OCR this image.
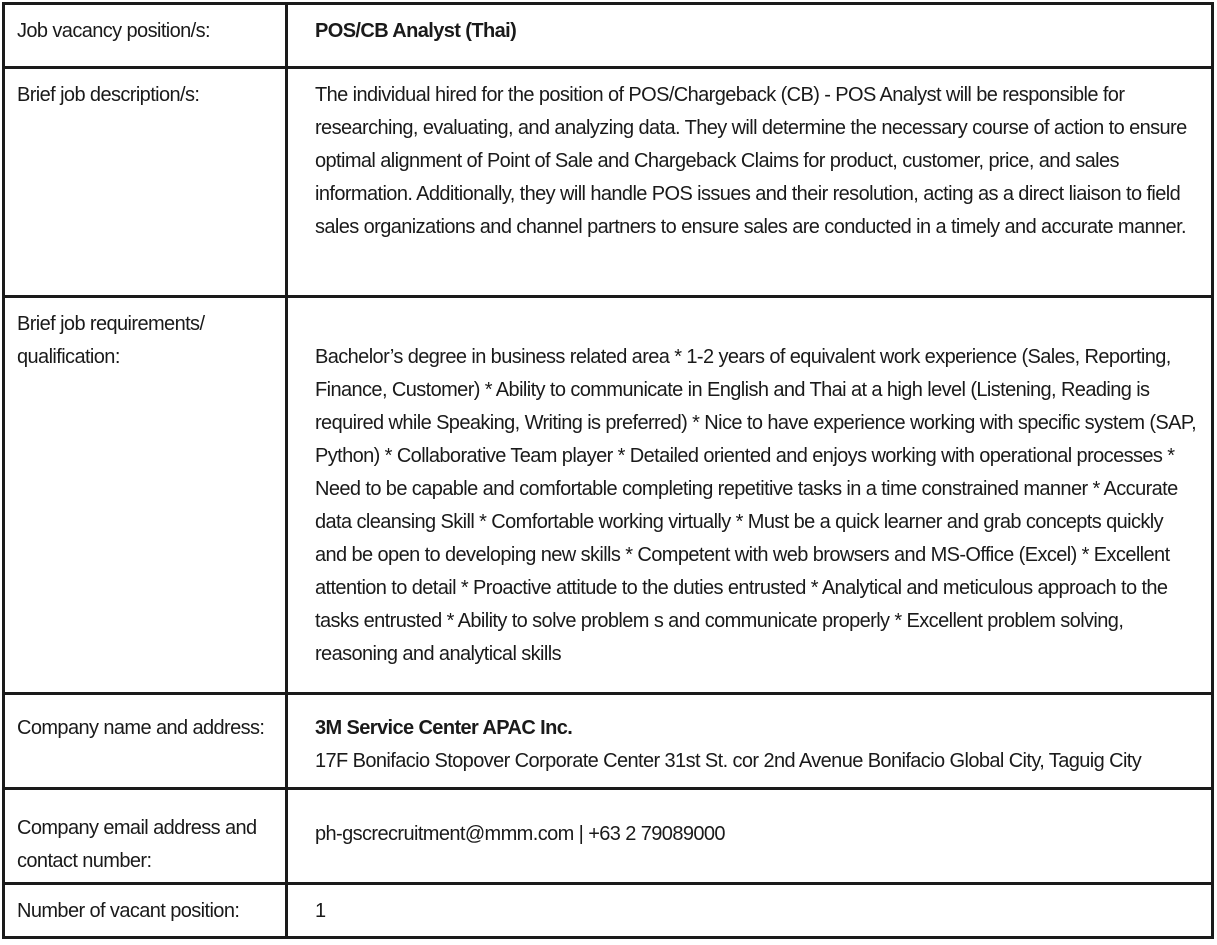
Job vacancy position/s:	POS/CB Analyst (Thai)
Brief job description/s:	The individual hired for the position of POS/Chargeback (CB) - POS Analyst will be responsible for researching, evaluating, and analyzing data. They will determine the necessary course of action to ensure optimal alignment of Point of Sale and Chargeback Claims for product, customer, price, and sales information. Additionally, they will handle POS issues and their resolution, acting as a direct liaison to field sales organizations and channel partners to ensure sales are conducted in a timely and accurate manner.
Brief job requirements/ qualification:	Bachelor’s degree in business related area * 1-2 years of equivalent work experience (Sales, Reporting, Finance, Customer) * Ability to communicate in English and Thai at a high level (Listening, Reading is required while Speaking, Writing is preferred) * Nice to have experience working with specific system (SAP, Python) * Collaborative Team player * Detailed oriented and enjoys working with operational processes * Need to be capable and comfortable completing repetitive tasks in a time constrained manner * Accurate data cleansing Skill * Comfortable working virtually * Must be a quick learner and grab concepts quickly and be open to developing new skills * Competent with web browsers and MS-Office (Excel) * Excellent attention to detail * Proactive attitude to the duties entrusted * Analytical and meticulous approach to the tasks entrusted * Ability to solve problem s and communicate properly * Excellent problem solving, reasoning and analytical skills
Company name and address:	3M Service Center APAC Inc.
17F Bonifacio Stopover Corporate Center 31st St. cor 2nd Avenue Bonifacio Global City, Taguig City

Company email address and contact number:	ph-gscrecruitment@mmm.com | +63 2 79089000
Number of vacant position:	1
